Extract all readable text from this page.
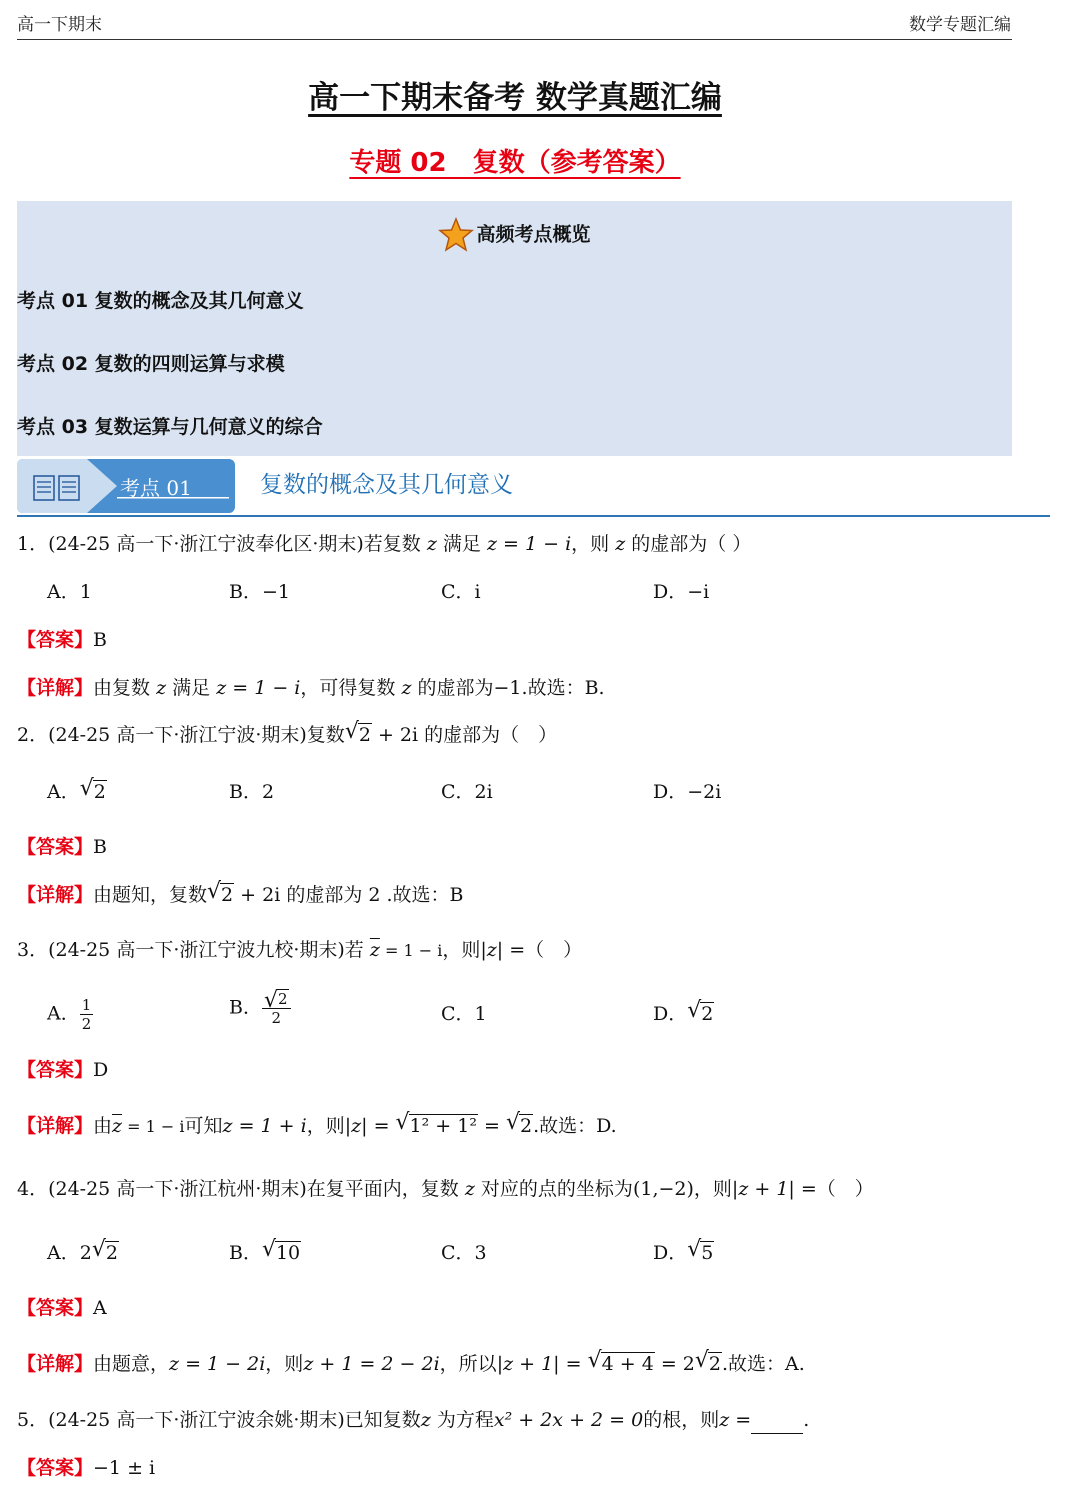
高一下期末	数学专题汇编
高一下期末备考 数学真题汇编
专题 02　复数（参考答案）
高频考点概览
考点 01 复数的概念及其几何意义
考点 02 复数的四则运算与求模
考点 03 复数运算与几何意义的综合
考点 01	复数的概念及其几何意义
1．(24-25 高一下·浙江宁波奉化区·期末)若复数 z 满足 z = 1 − i，则 z 的虚部为（ ）
A．1	B．−1	C．i	D．−i
【答案】B
【详解】由复数 z 满足 z = 1 − i，可得复数 z 的虚部为−1.故选：B.
2．(24-25 高一下·浙江宁波·期末)复数 √ 2 + 2i 的虚部为（　）
A． √ 2	B．2	C．2i	D．−2i
【答案】B
【详解】由题知，复数 √ 2 + 2i 的虚部为 2 .故选：B
3．(24-25 高一下·浙江宁波九校·期末)若 $\overline{z} = 1 - i$，则|z| =（　）
A． $\frac{1}{2}$	B． √ $\frac{2}{2}$	C．1	D． √ 2
【答案】D
【详解】由$\overline{z} = 1 - i$可知z = 1 + i，则|z| = √ 1² + 1² = √ 2.故选：D.
4．(24-25 高一下·浙江杭州·期末)在复平面内，复数 z 对应的点的坐标为(1,−2)，则|z + 1| =（　）
A．2 √ 2	B． √ 10	C．3	D． √ 5
【答案】A
【详解】由题意，z = 1 − 2i，则z + 1 = 2 − 2i，所以|z + 1| = √ 4 + 4 = 2 √ 2.故选：A.
5．(24-25 高一下·浙江宁波余姚·期末)已知复数z 为方程x² + 2x + 2 = 0的根，则z =	.
【答案】−1 ± i
